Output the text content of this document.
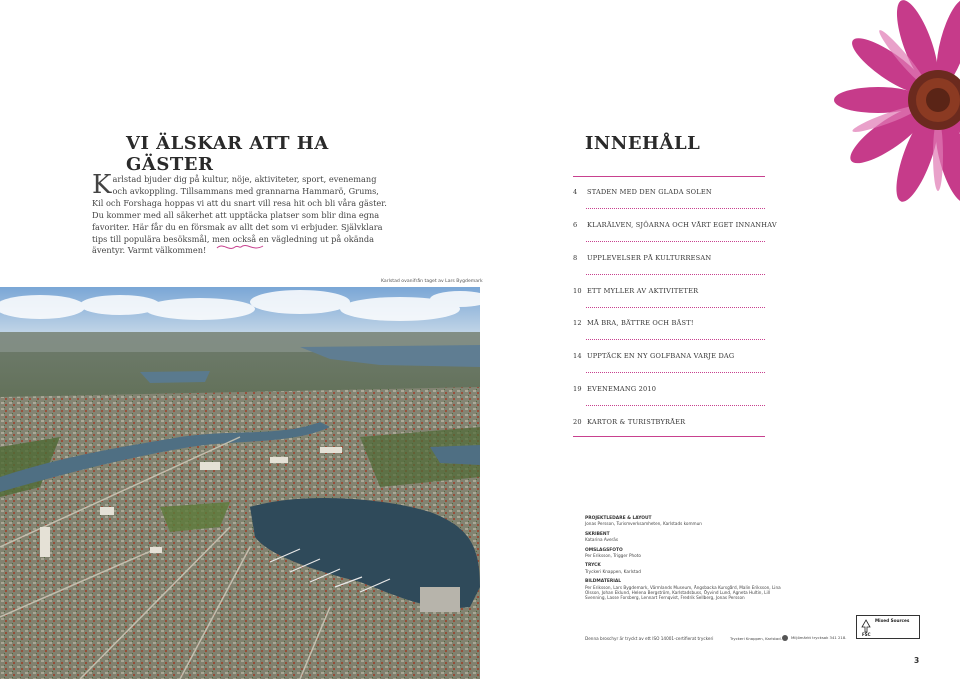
VI ÄLSKAR ATT HA GÄSTER
Karlstad bjuder dig på kultur, nöje, aktiviteter, sport, evenemang och avkoppling. Tillsammans med grannarna Hammarö, Grums, Kil och Forshaga hoppas vi att du snart vill resa hit och bli våra gäster. Du kommer med all säkerhet att upptäcka platser som blir dina egna favoriter. Här får du en försmak av allt det som vi erbjuder. Självklara tips till populära besöksmål, men också en vägledning ut på okända äventyr. Varmt välkommen!
Karlstad ovanifrån taget av Lars Bygdemark
INNEHÅLL
4	STADEN MED DEN GLADA SOLEN
6	KLARÄLVEN, SJÖARNA OCH VÅRT EGET INNANHAV
8	UPPLEVELSER PÅ KULTURRESAN
10 ETT MYLLER AV AKTIVITETER
12 MÅ BRA, BÄTTRE OCH BÄST!
14 UPPTÄCK EN NY GOLFBANA VARJE DAG
19 EVENEMANG 2010
20 KARTOR & TURISTBYRÅER
PROJEKTLEDARE & LAYOUT
Jonas Persson, Turismverksamheten, Karlstads kommun
SKRIBENT
Katarina Averäs
OMSLAGSFOTO
Per Eriksson, Trigger Photo
TRYCK
Tryckeri Knappen, Karlstad
BILDMATERIAL
Per Eriksson, Lars Bygdemark, Värmlands Museum, Ängsbacka Kursgård, Malin Eriksson, Lina Olsson, Johan Eklund, Helena Bergström, Karlstadsbuss, Öyvind Lund, Agneta Hultin, Lill Svenning, Lasse Forsberg, Lennart Fernqvist, Fredrik Sellberg, Jonas Persson
Denna broschyr är tryckt av ett ISO 14001-certifierat tryckeri	Tryckeri Knappen, Karlstad.	Miljömärkt trycksak 341 218.
Mixed Sources
FSC
3
